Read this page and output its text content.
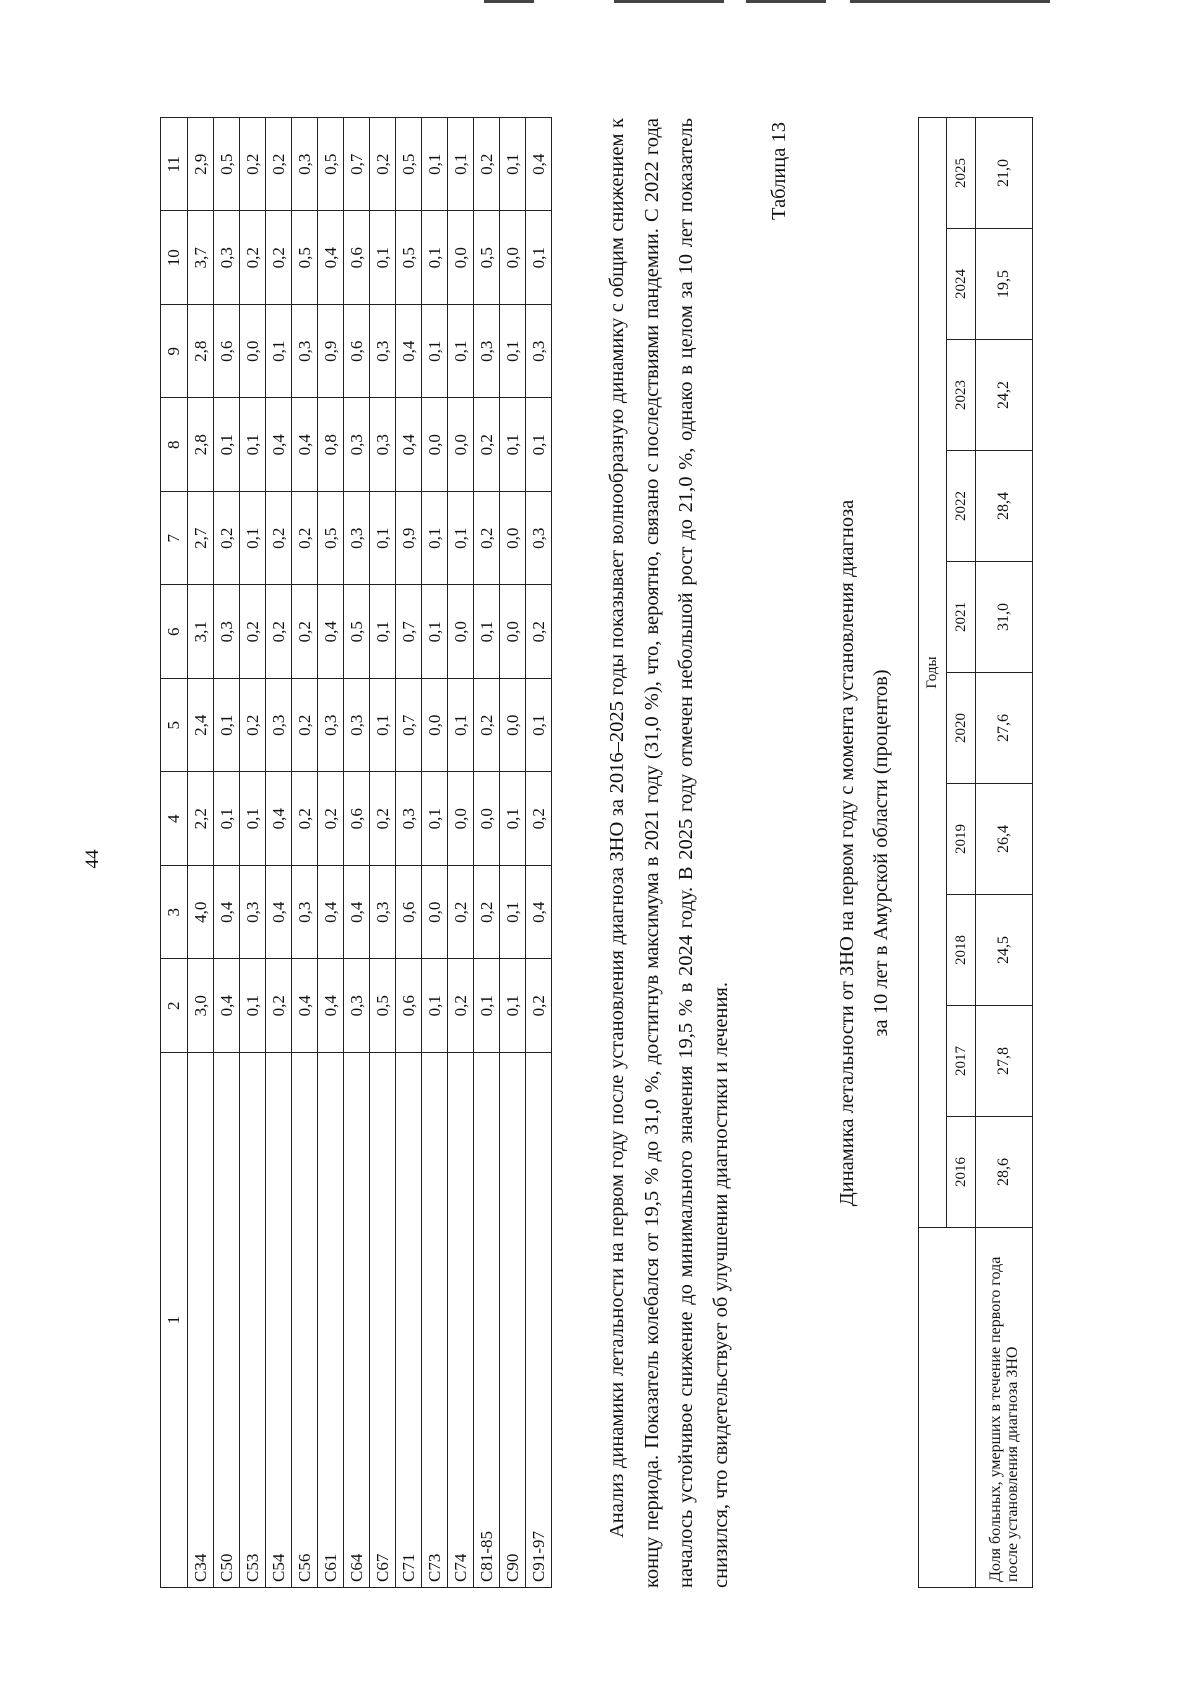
44
1	2	3	4	5	6	7	8	9	10	11
C34	3,0	4,0	2,2	2,4	3,1	2,7	2,8	2,8	3,7	2,9
C50	0,4	0,4	0,1	0,1	0,3	0,2	0,1	0,6	0,3	0,5
C53	0,1	0,3	0,1	0,2	0,2	0,1	0,1	0,0	0,2	0,2
C54	0,2	0,4	0,4	0,3	0,2	0,2	0,4	0,1	0,2	0,2
C56	0,4	0,3	0,2	0,2	0,2	0,2	0,4	0,3	0,5	0,3
C61	0,4	0,4	0,2	0,3	0,4	0,5	0,8	0,9	0,4	0,5
C64	0,3	0,4	0,6	0,3	0,5	0,3	0,3	0,6	0,6	0,7
C67	0,5	0,3	0,2	0,1	0,1	0,1	0,3	0,3	0,1	0,2
C71	0,6	0,6	0,3	0,7	0,7	0,9	0,4	0,4	0,5	0,5
C73	0,1	0,0	0,1	0,0	0,1	0,1	0,0	0,1	0,1	0,1
C74	0,2	0,2	0,0	0,1	0,0	0,1	0,0	0,1	0,0	0,1
C81-85	0,1	0,2	0,0	0,2	0,1	0,2	0,2	0,3	0,5	0,2
C90	0,1	0,1	0,1	0,0	0,0	0,0	0,1	0,1	0,0	0,1
C91-97	0,2	0,4	0,2	0,1	0,2	0,3	0,1	0,3	0,1	0,4	Анализ динамики летальности на первом году после установления диагноза ЗНО за 2016–2025 годы показывает волнообразную динамику с общим снижением к концу периода. Показатель колебался от 19,5 % до 31,0 %, достигнув максимума в 2021 году (31,0 %), что, вероятно, связано с последствиями пандемии. С 2022 года началось устойчивое снижение до минимального значения 19,5 % в 2024 году. В 2025 году отмечен небольшой рост до 21,0 %, однако в целом за 10 лет показатель снизился, что свидетельствует об улучшении диагностики и лечения.

Таблица 13

Динамика летальности от ЗНО на первом году с момента установления диагноза за 10 лет в Амурской области (процентов)

		Годы									
	2016	2017	2018	2019	2020	2021	2022	2023	2024	2025
Доля больных, умерших в течение первого года после установления диагноза ЗНО	28,6	27,8	24,5	26,4	27,6	31,0	28,4	24,2	19,5	21,0
